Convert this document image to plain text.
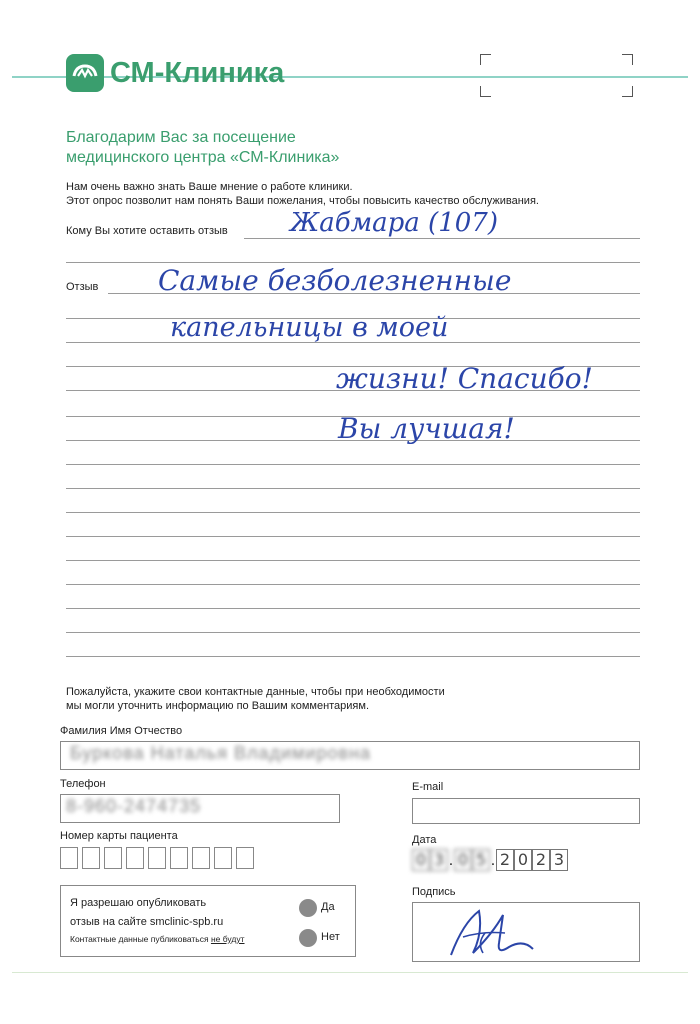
СМ-Клиника
Благодарим Вас за посещение
медицинского центра «СМ-Клиника»
Нам очень важно знать Ваше мнение о работе клиники.
Этот опрос позволит нам понять Ваши пожелания, чтобы повысить качество обслуживания.
Кому Вы хотите оставить отзыв Жабмара (107)
Отзыв Самые безболезненные
капельницы в моей
жизни! Спасибо!
Вы лучшая!
Пожалуйста, укажите свои контактные данные, чтобы при необходимости
мы могли уточнить информацию по Вашим комментариям.
Фамилия Имя Отчество
Буркова Наталья Владимировна
Телефон
8-960-2474735
E-mail
Номер карты пациента	Дата
0 3 . 0 5 . 2 0 2 3
Я разрешаю опубликовать
отзыв на сайте smclinic-spb.ru
Контактные данные публиковаться не будут
Да
Нет
Подпись
